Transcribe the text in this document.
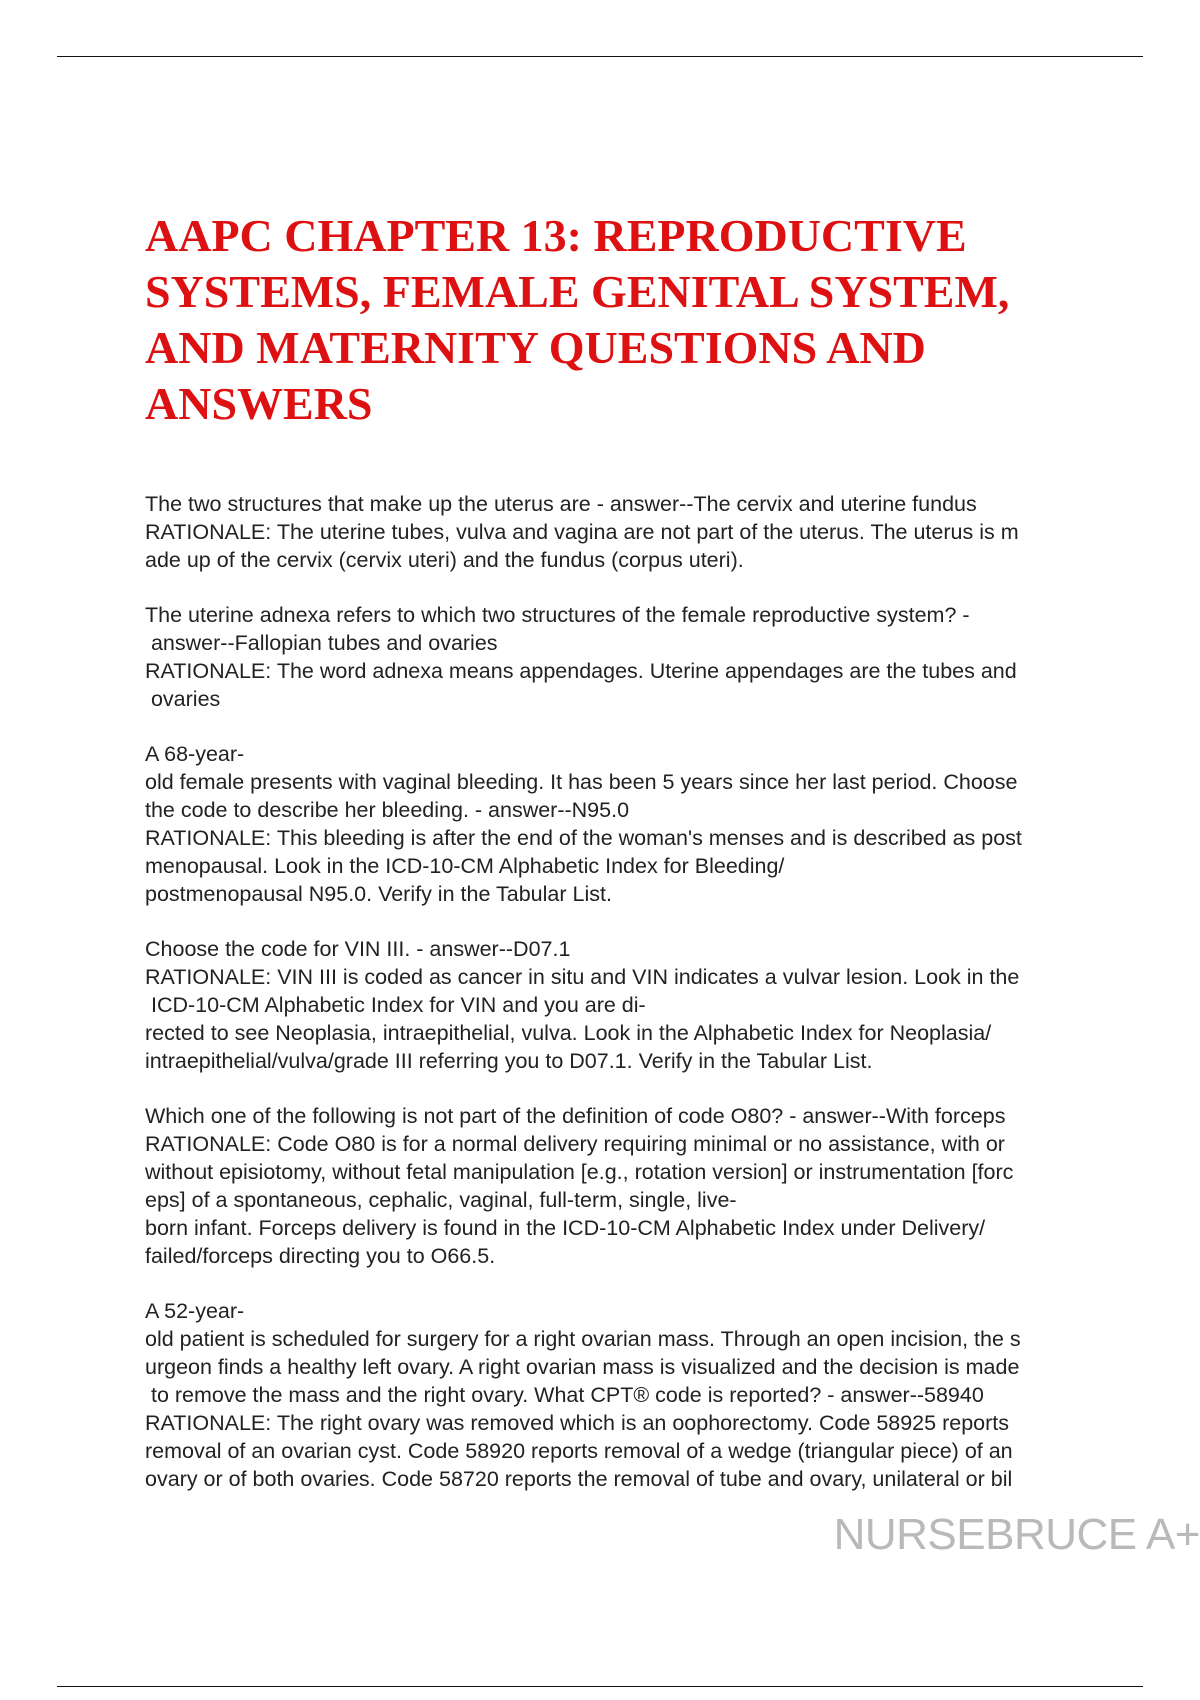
AAPC CHAPTER 13: REPRODUCTIVE
SYSTEMS, FEMALE GENITAL SYSTEM,
AND MATERNITY QUESTIONS AND
ANSWERS
The two structures that make up the uterus are - answer--The cervix and uterine fundus
RATIONALE: The uterine tubes, vulva and vagina are not part of the uterus. The uterus is m
ade up of the cervix (cervix uteri) and the fundus (corpus uteri).
The uterine adnexa refers to which two structures of the female reproductive system? -
answer--Fallopian tubes and ovaries
RATIONALE: The word adnexa means appendages. Uterine appendages are the tubes and
ovaries
A 68-year-
old female presents with vaginal bleeding. It has been 5 years since her last period. Choose
the code to describe her bleeding. - answer--N95.0
RATIONALE: This bleeding is after the end of the woman's menses and is described as post
menopausal. Look in the ICD-10-CM Alphabetic Index for Bleeding/
postmenopausal N95.0. Verify in the Tabular List.
Choose the code for VIN III. - answer--D07.1
RATIONALE: VIN III is coded as cancer in situ and VIN indicates a vulvar lesion. Look in the
ICD-10-CM Alphabetic Index for VIN and you are di-
rected to see Neoplasia, intraepithelial, vulva. Look in the Alphabetic Index for Neoplasia/
intraepithelial/vulva/grade III referring you to D07.1. Verify in the Tabular List.
Which one of the following is not part of the definition of code O80? - answer--With forceps
RATIONALE: Code O80 is for a normal delivery requiring minimal or no assistance, with or
without episiotomy, without fetal manipulation [e.g., rotation version] or instrumentation [forc
eps] of a spontaneous, cephalic, vaginal, full-term, single, live-
born infant. Forceps delivery is found in the ICD-10-CM Alphabetic Index under Delivery/
failed/forceps directing you to O66.5.
A 52-year-
old patient is scheduled for surgery for a right ovarian mass. Through an open incision, the s
urgeon finds a healthy left ovary. A right ovarian mass is visualized and the decision is made
to remove the mass and the right ovary. What CPT® code is reported? - answer--58940
RATIONALE: The right ovary was removed which is an oophorectomy. Code 58925 reports
removal of an ovarian cyst. Code 58920 reports removal of a wedge (triangular piece) of an
ovary or of both ovaries. Code 58720 reports the removal of tube and ovary, unilateral or bil
NURSEBRUCE A+
